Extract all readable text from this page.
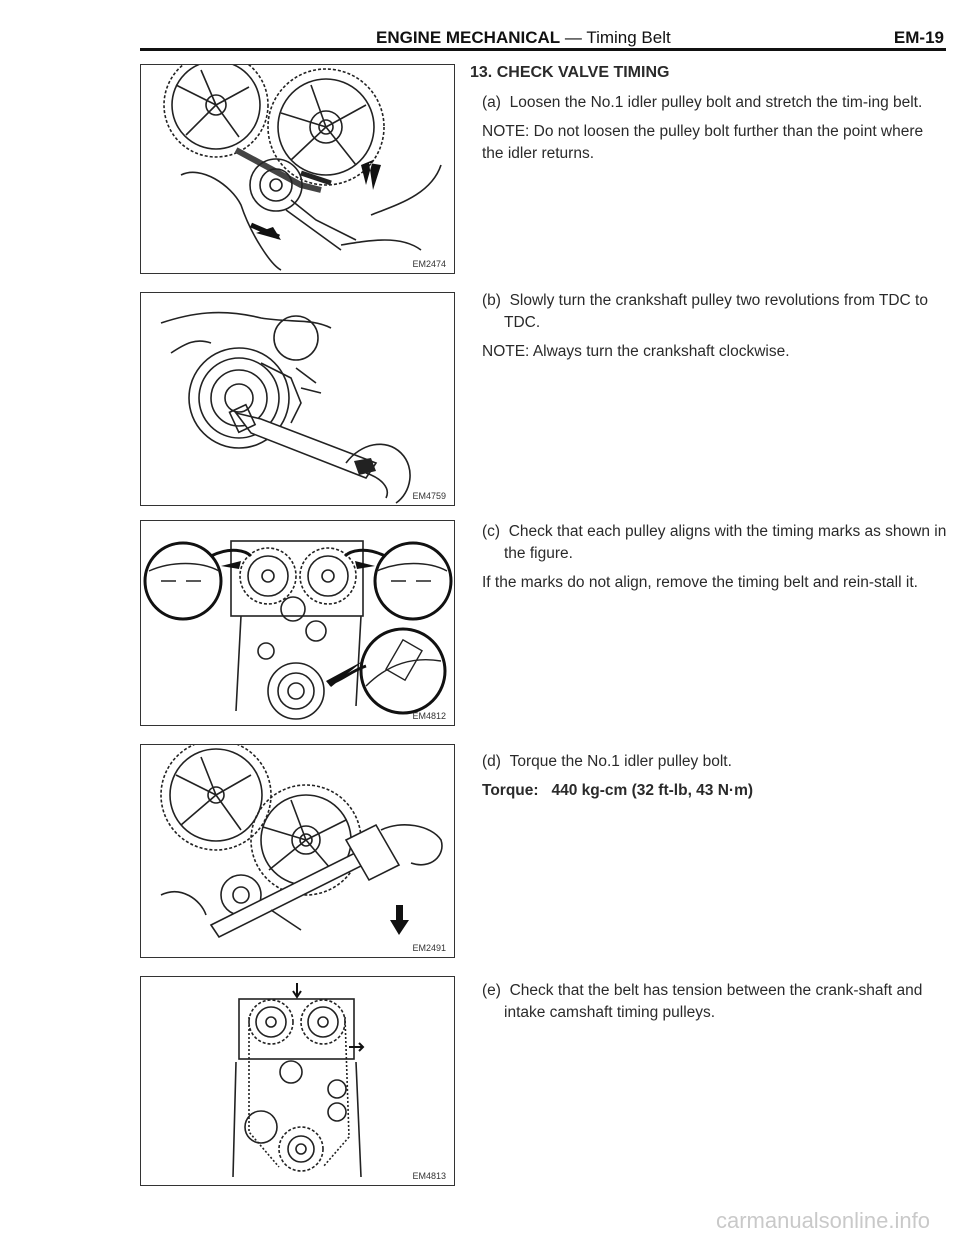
ENGINE MECHANICAL — Timing Belt	EM-19
EM2474
EM4759
EM4812
EM2491
EM4813
13. CHECK VALVE TIMING

(a) Loosen the No.1 idler pulley bolt and stretch the tim-ing belt.

NOTE: Do not loosen the pulley bolt further than the point where the idler returns.

(b) Slowly turn the crankshaft pulley two revolutions from TDC to TDC.

NOTE: Always turn the crankshaft clockwise.

(c) Check that each pulley aligns with the timing marks as shown in the figure.

If the marks do not align, remove the timing belt and rein-stall it.

(d) Torque the No.1 idler pulley bolt.

Torque: 440 kg-cm (32 ft-lb, 43 N·m)

(e) Check that the belt has tension between the crank-shaft and intake camshaft timing pulleys.

carmanualsonline.info
